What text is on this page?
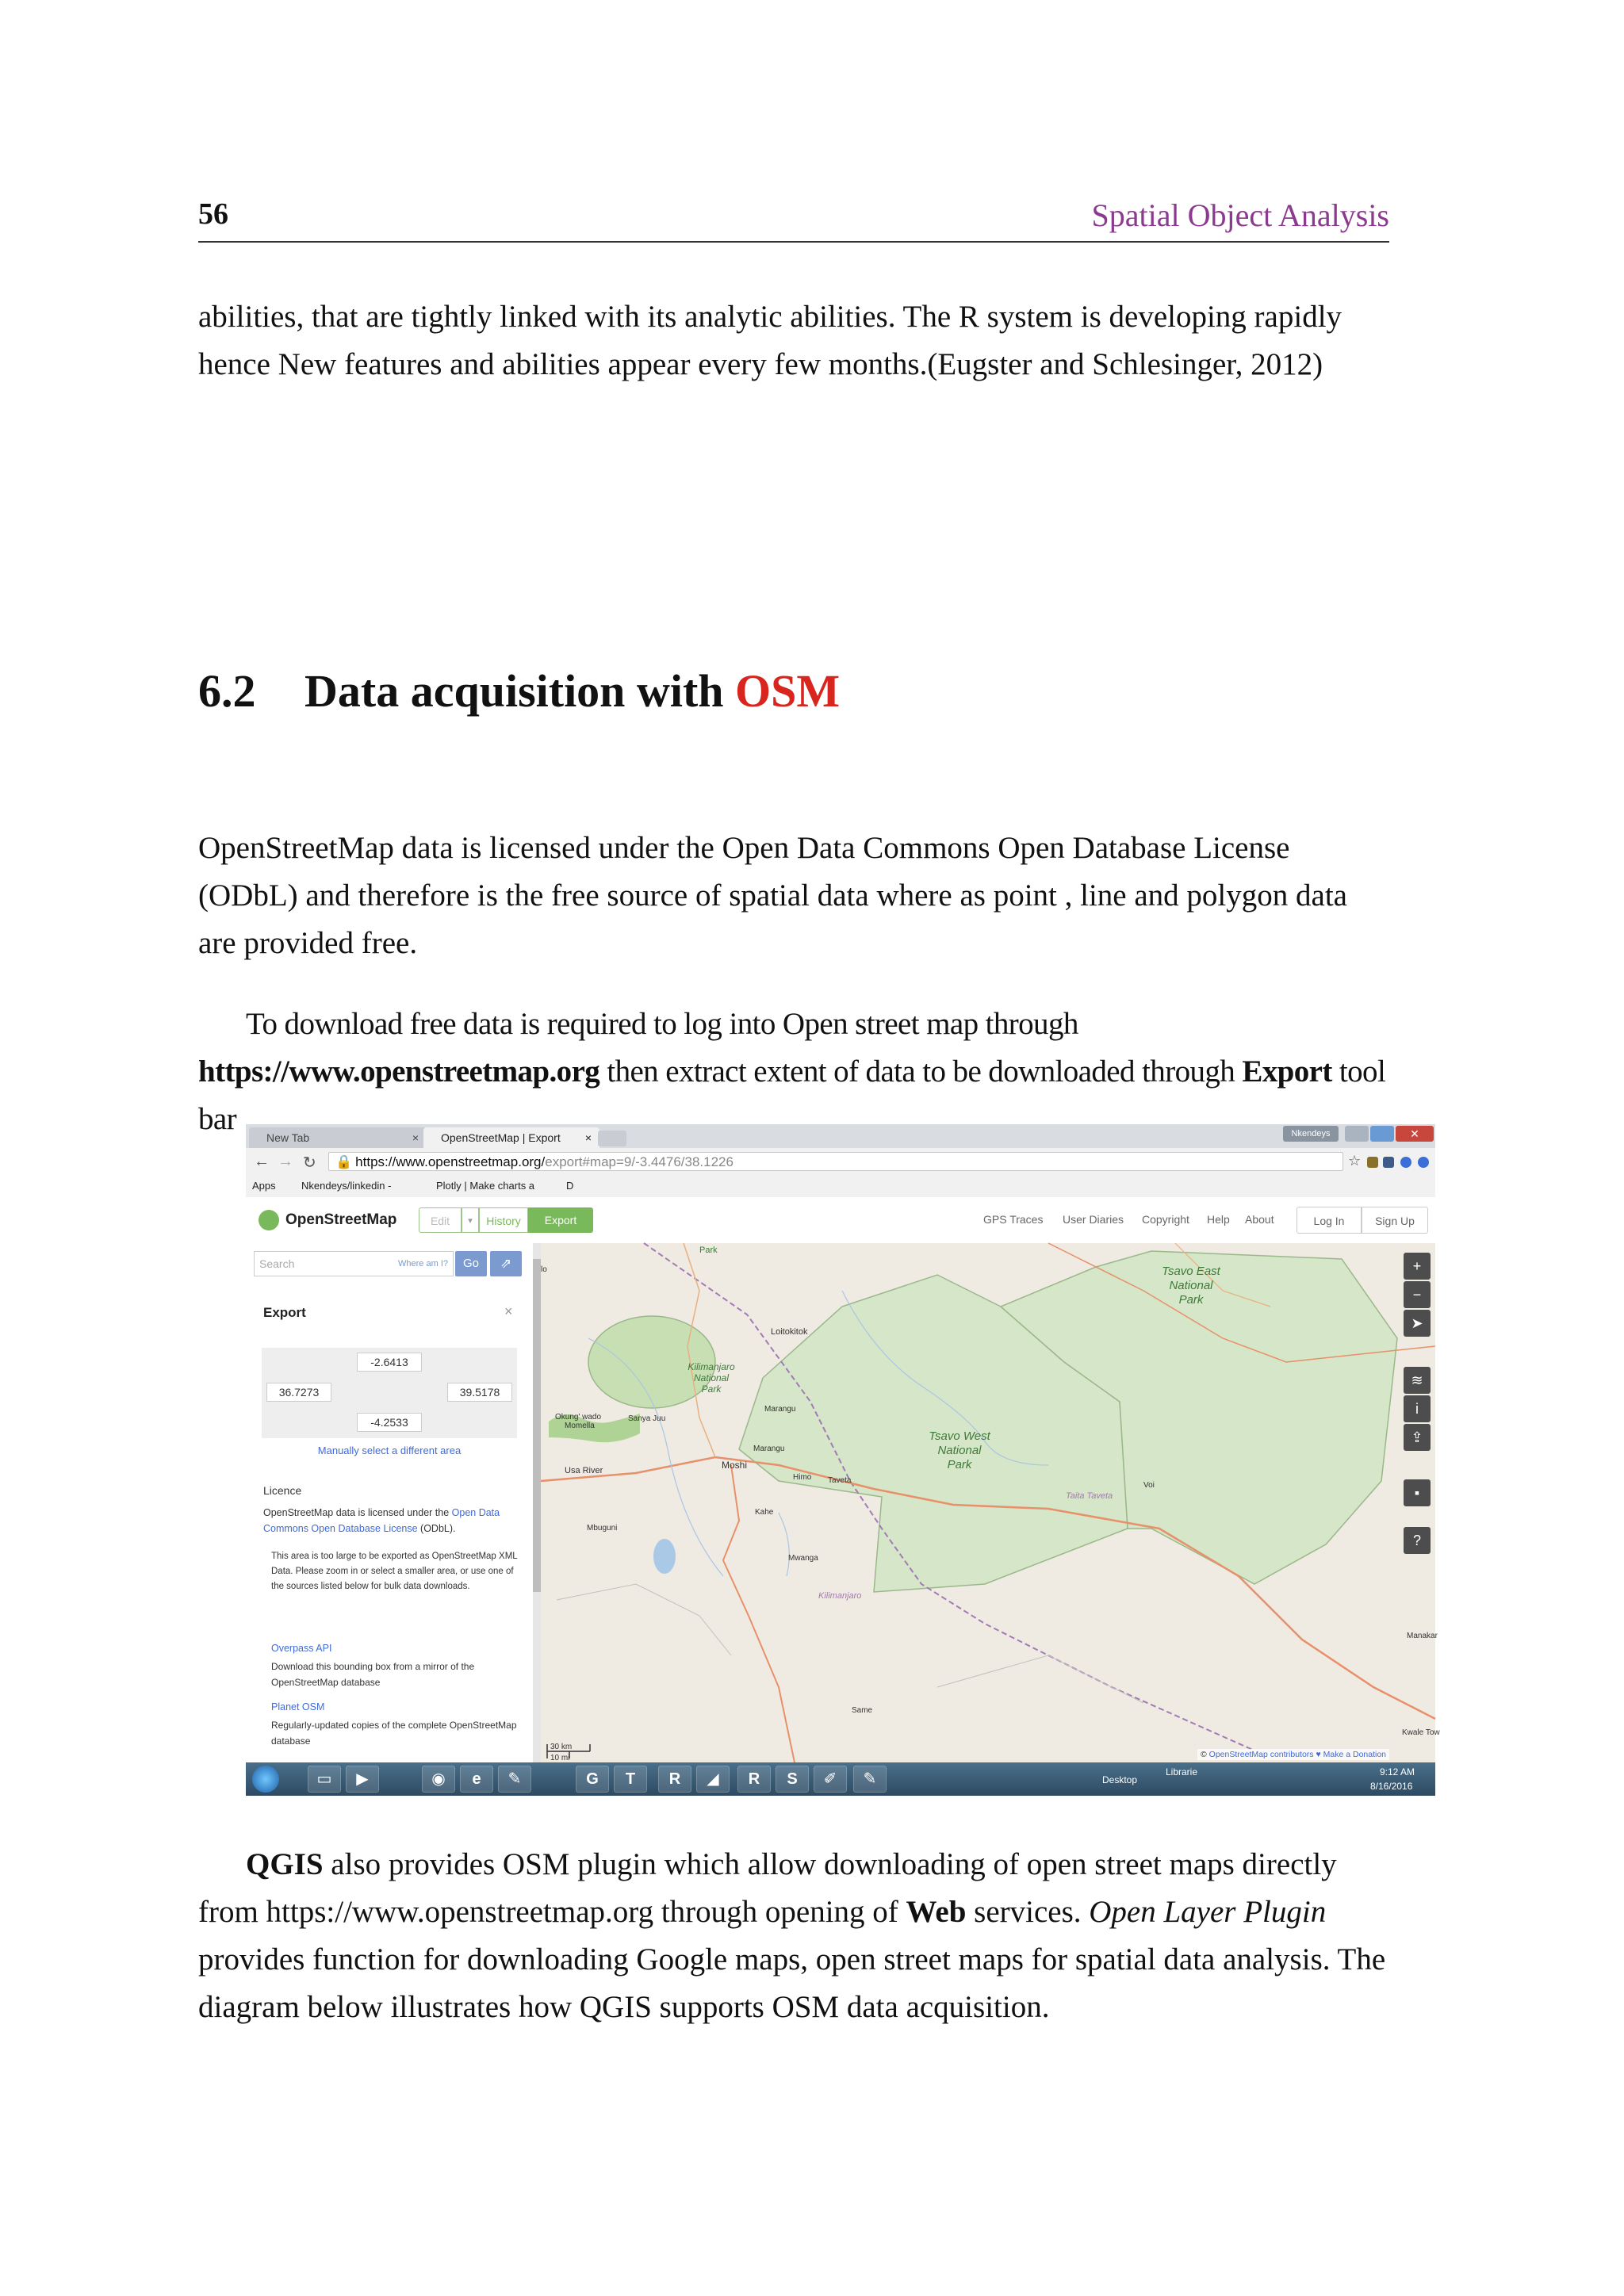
56	Spatial Object Analysis

abilities, that are tightly linked with its analytic abilities. The R system is developing rapidly hence New features and abilities appear every few months.(Eugster and Schlesinger, 2012)

6.2 Data acquisition with OSM

OpenStreetMap data is licensed under the Open Data Commons Open Database License (ODbL) and therefore is the free source of spatial data where as point , line and polygon data are provided free.

To download free data is required to log into Open street map through https://www.openstreetmap.org then extract extent of data to be downloaded through Export tool bar

New Tab	×	OpenStreetMap | Export ×	Nkendeys	✕
← → ↻	🔒 https://www.openstreetmap.org/export#map=9/-3.4476/38.1226	☆
Apps Nkendeys/linkedin -	Plotly | Make charts a	D
OpenStreetMap	Edit	▾	History	Export	GPS Traces User Diaries Copyright Help About	Log In	Sign Up
Search	Where am I?	Go	⇗
Export	×
-2.6413
36.7273	39.5178
-4.2533
Manually select a different area
Licence
OpenStreetMap data is licensed under the Open Data Commons Open Database License (ODbL).
This area is too large to be exported as OpenStreetMap XML Data. Please zoom in or select a smaller area, or use one of the sources listed below for bulk data downloads.
Overpass API
Download this bounding box from a mirror of the OpenStreetMap database
Planet OSM
Regularly-updated copies of the complete OpenStreetMap database
Park
Loitokitok
Kilimanjaro
National
Park
Okung' wado
Momella
Sanya Juu
Marangu
Marangu
Usa River	Moshi
Himo Taveta
Kahe
Mbuguni
Mwanga
Kilimanjaro
Same
Tsavo West
National
Park
Tsavo East
National
Park
Taita Taveta
Voi
Manakar
Kwale Tow
lo
30 km
10 mi
+
−
➤
≋
i
⇪
▪
?
© OpenStreetMap contributors ♥ Make a Donation
▭	▶	◉	e	✎	G	T	R	◢	R	S	✐	✎	Desktop
Librarie	9:12 AM
8/16/2016

QGIS also provides OSM plugin which allow downloading of open street maps directly from https://www.openstreetmap.org through opening of Web services. Open Layer Plugin provides function for downloading Google maps, open street maps for spatial data analysis. The diagram below illustrates how QGIS supports OSM data acquisition.
